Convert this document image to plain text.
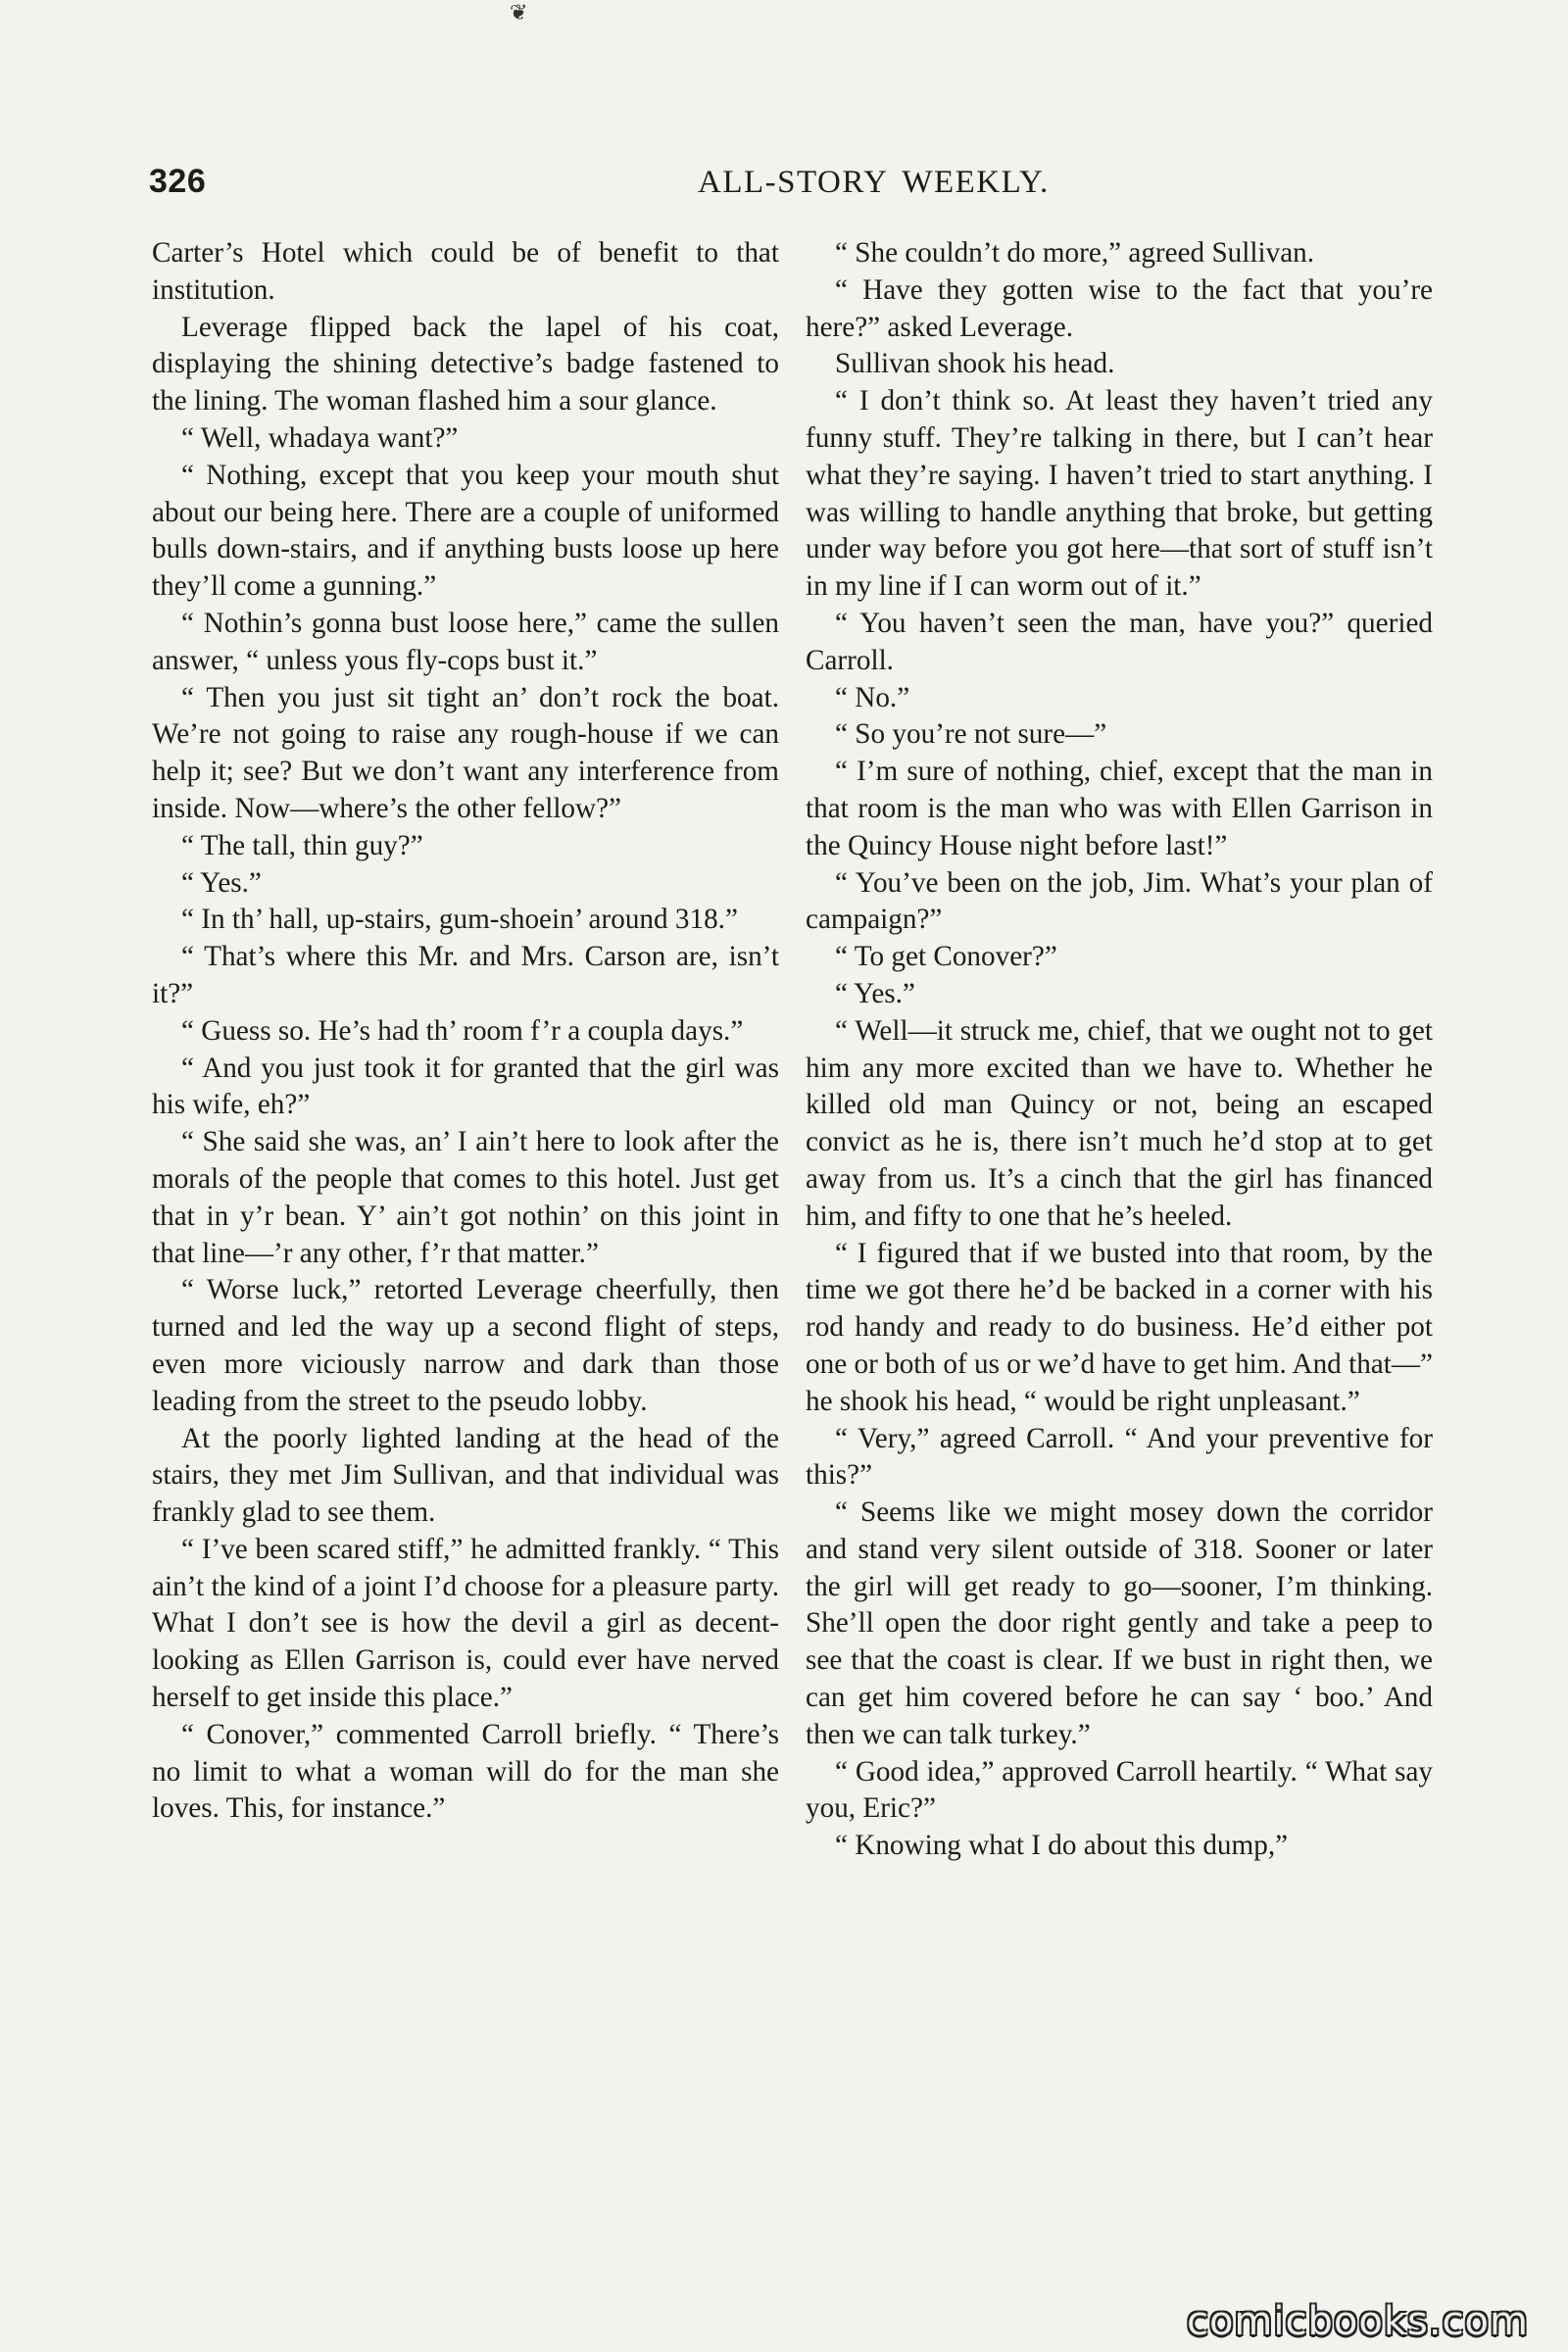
❦
326	ALL-STORY WEEKLY.

Carter’s Hotel which could be of benefit to that institution.

Leverage flipped back the lapel of his coat, displaying the shining detective’s badge fastened to the lining. The woman flashed him a sour glance.

“ Well, whadaya want?”

“ Nothing, except that you keep your mouth shut about our being here. There are a couple of uniformed bulls down-stairs, and if anything busts loose up here they’ll come a gunning.”

“ Nothin’s gonna bust loose here,” came the sullen answer, “ unless yous fly-cops bust it.”

“ Then you just sit tight an’ don’t rock the boat. We’re not going to raise any rough-house if we can help it; see? But we don’t want any interference from inside. Now—where’s the other fellow?”

“ The tall, thin guy?”

“ Yes.”

“ In th’ hall, up-stairs, gum-shoein’ around 318.”

“ That’s where this Mr. and Mrs. Carson are, isn’t it?”

“ Guess so. He’s had th’ room f’r a coupla days.”

“ And you just took it for granted that the girl was his wife, eh?”

“ She said she was, an’ I ain’t here to look after the morals of the people that comes to this hotel. Just get that in y’r bean. Y’ ain’t got nothin’ on this joint in that line—’r any other, f’r that matter.”

“ Worse luck,” retorted Leverage cheerfully, then turned and led the way up a second flight of steps, even more viciously narrow and dark than those leading from the street to the pseudo lobby.

At the poorly lighted landing at the head of the stairs, they met Jim Sullivan, and that individual was frankly glad to see them.

“ I’ve been scared stiff,” he admitted frankly. “ This ain’t the kind of a joint I’d choose for a pleasure party. What I don’t see is how the devil a girl as decent-looking as Ellen Garrison is, could ever have nerved herself to get inside this place.”

“ Conover,” commented Carroll briefly. “ There’s no limit to what a woman will do for the man she loves. This, for instance.”

“ She couldn’t do more,” agreed Sullivan.

“ Have they gotten wise to the fact that you’re here?” asked Leverage.

Sullivan shook his head.

“ I don’t think so. At least they haven’t tried any funny stuff. They’re talking in there, but I can’t hear what they’re saying. I haven’t tried to start anything. I was willing to handle anything that broke, but getting under way before you got here—that sort of stuff isn’t in my line if I can worm out of it.”

“ You haven’t seen the man, have you?” queried Carroll.

“ No.”

“ So you’re not sure—”

“ I’m sure of nothing, chief, except that the man in that room is the man who was with Ellen Garrison in the Quincy House night before last!”

“ You’ve been on the job, Jim. What’s your plan of campaign?”

“ To get Conover?”

“ Yes.”

“ Well—it struck me, chief, that we ought not to get him any more excited than we have to. Whether he killed old man Quincy or not, being an escaped convict as he is, there isn’t much he’d stop at to get away from us. It’s a cinch that the girl has financed him, and fifty to one that he’s heeled.

“ I figured that if we busted into that room, by the time we got there he’d be backed in a corner with his rod handy and ready to do business. He’d either pot one or both of us or we’d have to get him. And that—” he shook his head, “ would be right unpleasant.”

“ Very,” agreed Carroll. “ And your preventive for this?”

“ Seems like we might mosey down the corridor and stand very silent outside of 318. Sooner or later the girl will get ready to go—sooner, I’m thinking. She’ll open the door right gently and take a peep to see that the coast is clear. If we bust in right then, we can get him covered before he can say ‘ boo.’ And then we can talk turkey.”

“ Good idea,” approved Carroll heartily. “ What say you, Eric?”

“ Knowing what I do about this dump,”

comicbooks.com
